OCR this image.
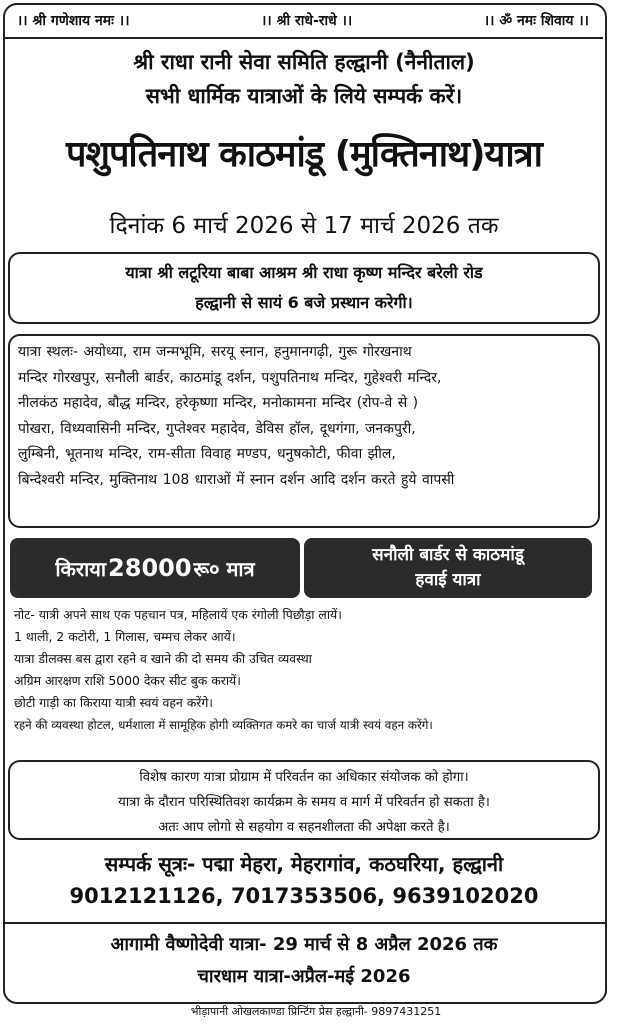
।। श्री गणेशाय नमः ।।	।। श्री राधे-राधे ।।	।। ॐ नमः शिवाय ।।
श्री राधा रानी सेवा समिति हल्द्वानी (नैनीताल)
सभी धार्मिक यात्राओं के लिये सम्पर्क करें।
पशुपतिनाथ काठमांडू (मुक्तिनाथ)यात्रा
दिनांक 6 मार्च 2026 से 17 मार्च 2026 तक
यात्रा श्री लटूरिया बाबा आश्रम श्री राधा कृष्ण मन्दिर बरेली रोड
हल्द्वानी से सायं 6 बजे प्रस्थान करेगी।
यात्रा स्थलः- अयोध्या, राम जन्मभूमि, सरयू स्नान, हनुमानगढ़ी, गुरू गोरखनाथ
मन्दिर गोरखपुर, सनौली बार्डर, काठमांडू दर्शन, पशुपतिनाथ मन्दिर, गुहेश्वरी मन्दिर,
नीलकंठ महादेव, बौद्ध मन्दिर, हरेकृष्णा मन्दिर, मनोकामना मन्दिर (रोप-वे से )
पोखरा, विध्यवासिनी मन्दिर, गुप्तेश्वर महादेव, डेविस हॉल, दूधगंगा, जनकपुरी,
लुम्बिनी, भूतनाथ मन्दिर, राम-सीता विवाह मण्डप, धनुषकोटी, फीवा झील,
बिन्देश्वरी मन्दिर, मुक्तिनाथ 108 धाराओं में स्नान दर्शन आदि दर्शन करते हुये वापसी
किराया 28000 रू० मात्र
सनौली बार्डर से काठमांडू
हवाई यात्रा
नोट- यात्री अपने साथ एक पहचान पत्र, महिलायें एक रंगोली पिछौड़ा लायें।
1 थाली, 2 कटोरी, 1 गिलास, चम्मच लेकर आयें।
यात्रा डीलक्स बस द्वारा रहने व खाने की दो समय की उचित व्यवस्था
अग्रिम आरक्षण राशि 5000 देकर सीट बुक करायें।
छोटी गाड़ी का किराया यात्री स्वयं वहन करेंगे।
रहने की व्यवस्था होटल, धर्मशाला में सामूहिक होगी व्यक्तिगत कमरे का चार्ज यात्री स्वयं वहन करेंगे।
विशेष कारण यात्रा प्रोग्राम में परिवर्तन का अधिकार संयोजक को होगा।
यात्रा के दौरान परिस्थितिवश कार्यक्रम के समय व मार्ग में परिवर्तन हो सकता है।
अतः आप लोगो से सहयोग व सहनशीलता की अपेक्षा करते है।
सम्पर्क सूत्रः- पद्मा मेहरा, मेहरागांव, कठघरिया, हल्द्वानी
9012121126, 7017353506, 9639102020
आगामी वैष्णोदेवी यात्रा- 29 मार्च से 8 अप्रैल 2026 तक
चारधाम यात्रा-अप्रैल-मई 2026
भीड़ापानी ओखलकाण्डा प्रिन्टिंग प्रेस हल्द्वानी- 9897431251
